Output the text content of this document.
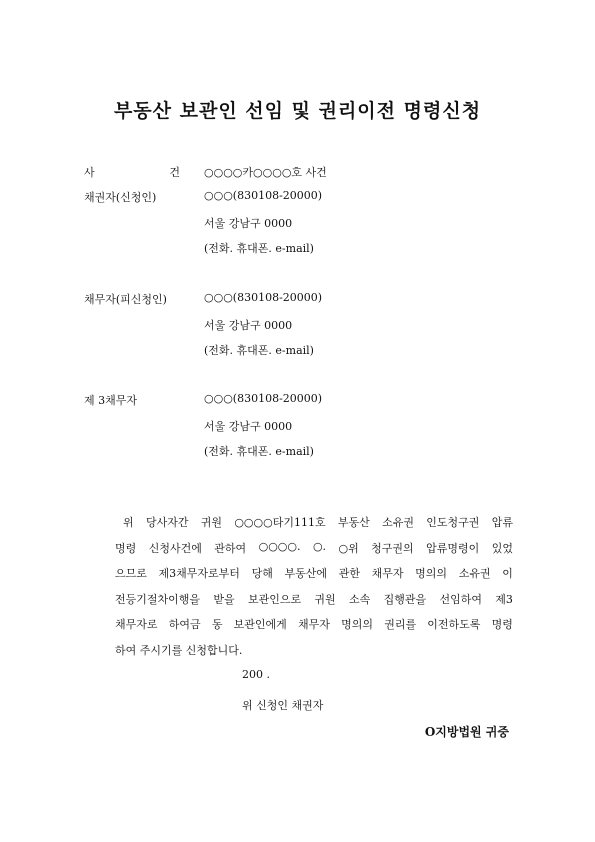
부동산 보관인 선임 및 권리이전 명령신청
사	건 ○○○○카○○○○호 사건
채권자(신청인)	○○○(830108-20000)
서울 강남구 0000
(전화. 휴대폰. e-mail)
채무자(피신청인)	○○○(830108-20000)
서울 강남구 0000
(전화. 휴대폰. e-mail)
제 3채무자	○○○(830108-20000)
서울 강남구 0000
(전화. 휴대폰. e-mail)
위 당사자간 귀원 ○○○○타기111호 부동산 소유권 인도청구권 압류
명령 신청사건에 관하여 ○○○○. ○. ○위 청구권의 압류명령이 있었
으므로 제3채무자로부터 당해 부동산에 관한 채무자 명의의 소유권 이
전등기절차이행을 받을 보관인으로 귀원 소속 집행관을 선임하여 제3
채무자로 하여금 동 보관인에게 채무자 명의의 권리를 이전하도록 명령
하여
주시기를
신청합니다.
200 .
위 신청인 채권자
O지방법원 귀중
